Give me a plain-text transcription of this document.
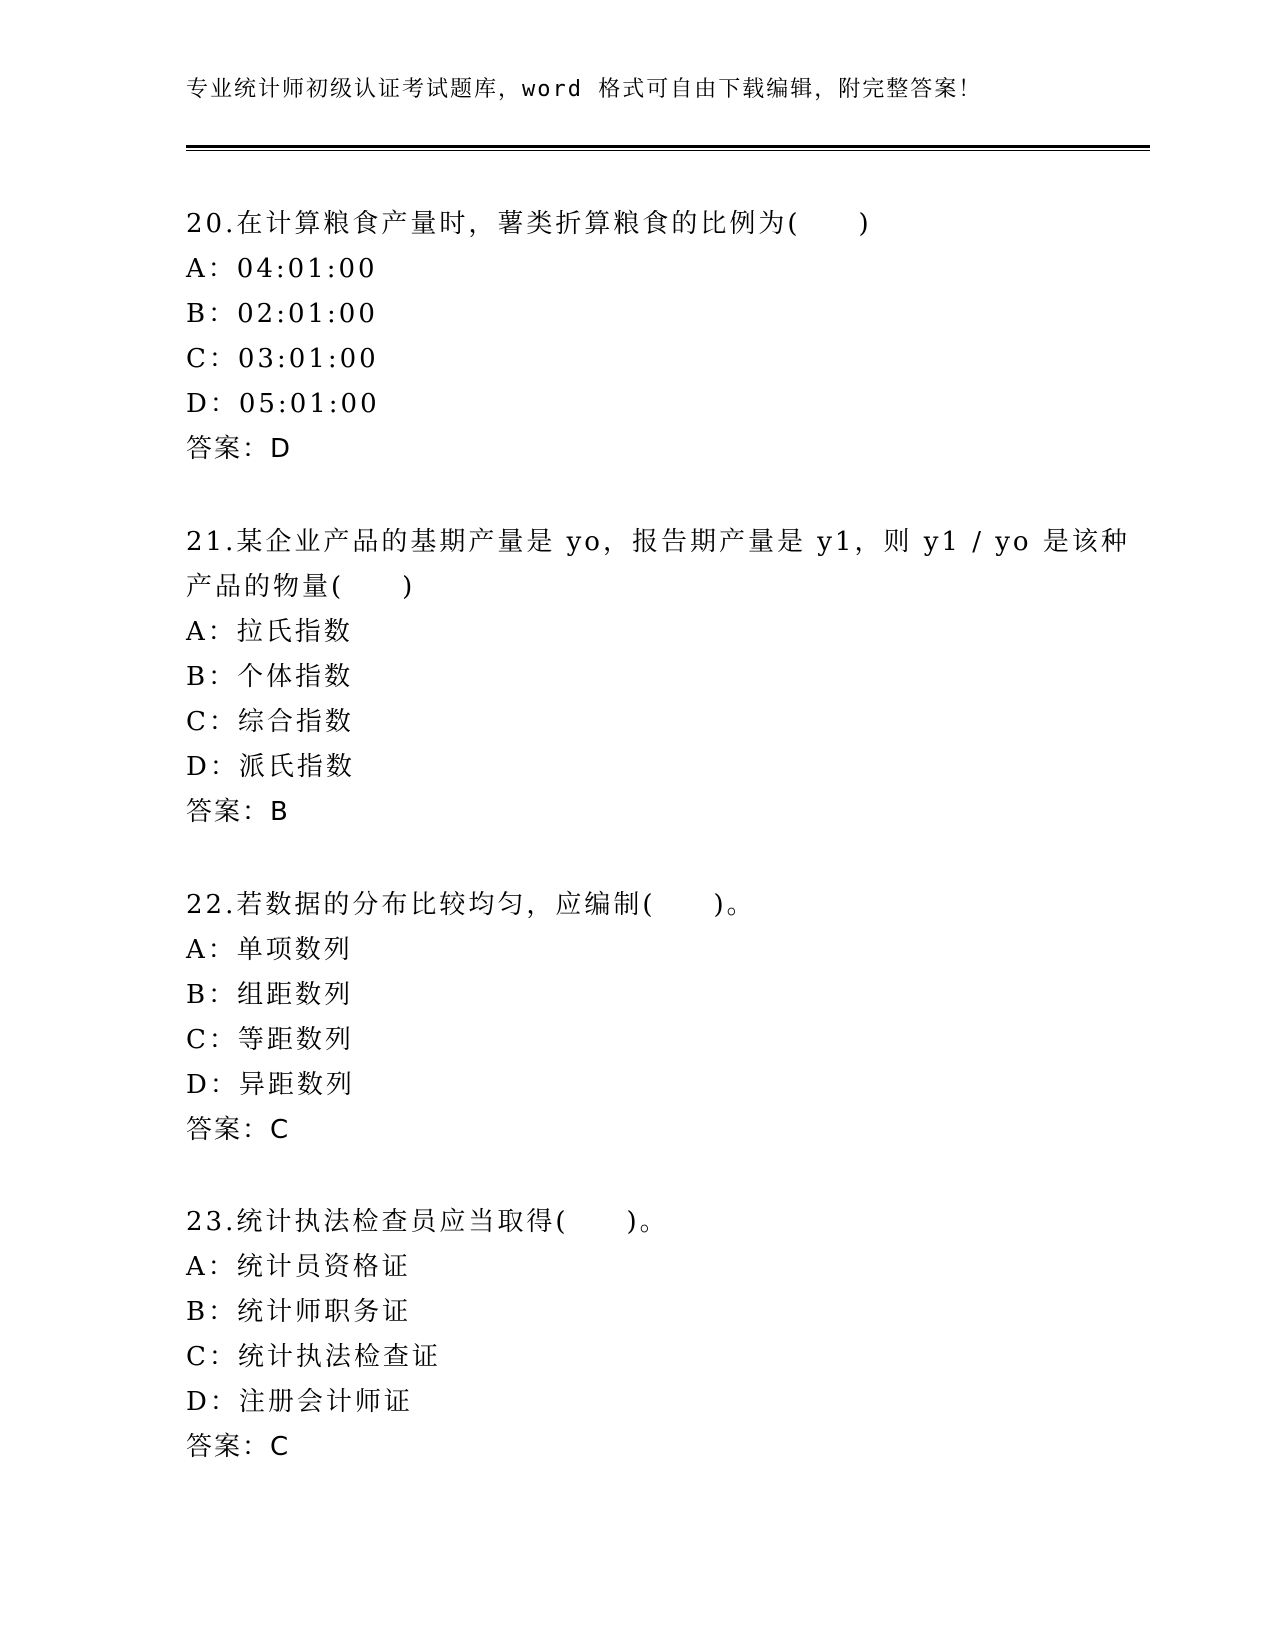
专业统计师初级认证考试题库，word 格式可自由下载编辑，附完整答案！
20.在计算粮食产量时，薯类折算粮食的比例为(　　)
A：04:01:00
B：02:01:00
C：03:01:00
D：05:01:00
答案：D
21.某企业产品的基期产量是 yo，报告期产量是 y1，则 y1 / yo 是该种
产品的物量(　　)
A：拉氏指数
B：个体指数
C：综合指数
D：派氏指数
答案：B
22.若数据的分布比较均匀，应编制(　　)。
A：单项数列
B：组距数列
C：等距数列
D：异距数列
答案：C
23.统计执法检查员应当取得(　　)。
A：统计员资格证
B：统计师职务证
C：统计执法检查证
D：注册会计师证
答案：C
